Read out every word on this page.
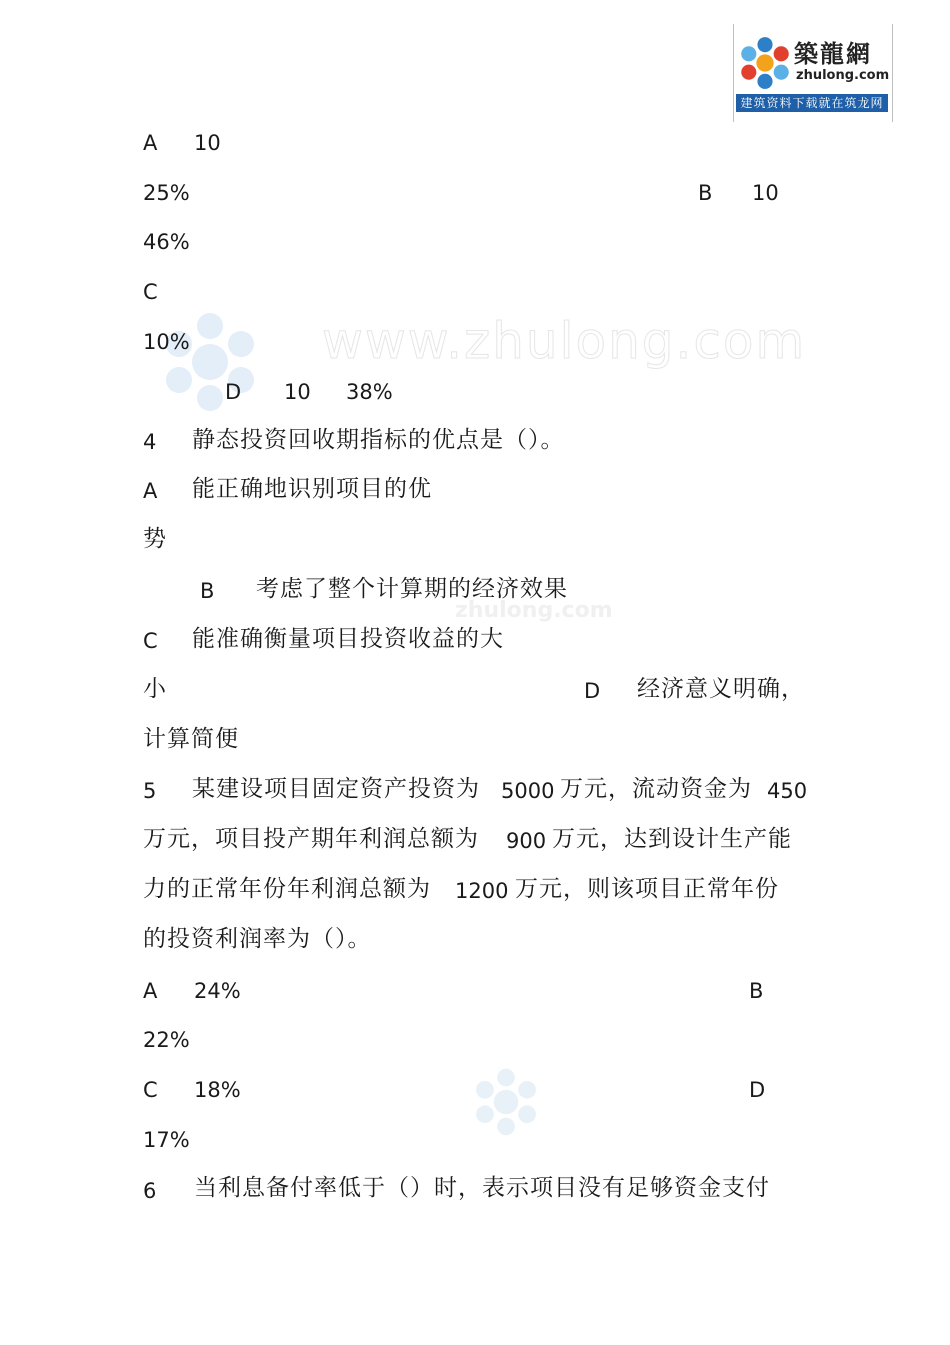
www.zhulong.com
zhulong.com
築龍網
zhulong.com
建筑资料下载就在筑龙网
A 10
25%	B 10
46%
C
10%
D 10 38%
4 静态投资回收期指标的优点是（）。
A 能正确地识别项目的优
势
B 考虑了整个计算期的经济效果
C 能准确衡量项目投资收益的大
小	D 经济意义明确，
计算简便
5 某建设项目固定资产投资为 5000 万元，流动资金为 450
万元，项目投产期年利润总额为 900 万元，达到设计生产能
力的正常年份年利润总额为 1200 万元，则该项目正常年份
的投资利润率为（）。
A 24%	B
22%
C 18%	D
17%
6 当利息备付率低于（）时，表示项目没有足够资金支付
